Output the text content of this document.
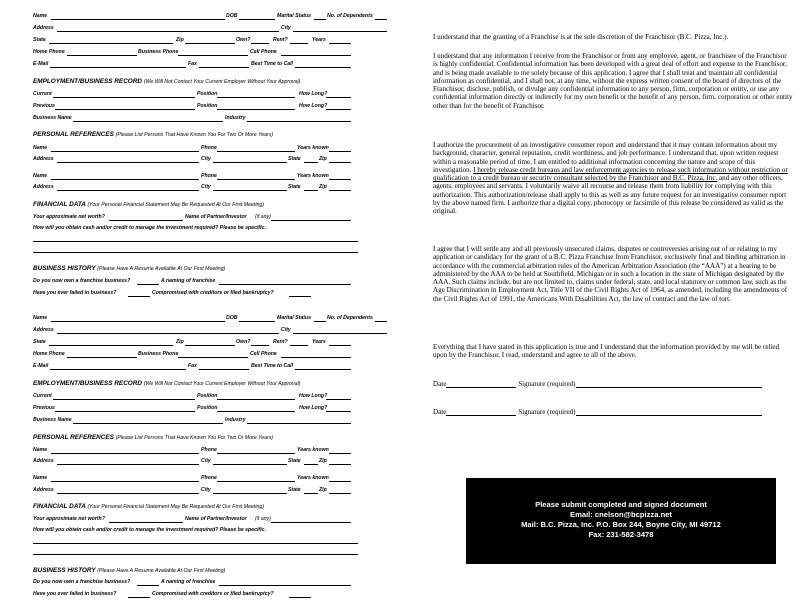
Name	DOB	Marital Status	No. of Dependents
Address	City
State	Zip	Own?	Rent?	Years
Home Phone	Business Phone	Cell Phone
E-Mail	Fax	Best Time to Call
EMPLOYMENT/BUSINESS RECORD (We Will Not Contact Your Current Employer Without Your Approval)
Current	Position	How Long?
Previous	Position	How Long?
Business Name	Industry
PERSONAL REFERENCES (Please List Persons That Have Known You For Two Or More Years)
Name	Phone	Years known
Address	City	State	Zip
Name	Phone	Years known
Address	City	State	Zip
FINANCIAL DATA (Your Personal Financial Statement May Be Requested At Our First Meeting)
Your approximate net worth?	Name of Partner/Investor (if any)
How will you obtain cash and/or credit to manage the investment required? Please be specific.
BUSINESS HISTORY (Please Have A Resume Available At Our First Meeting)
Do you now own a franchise business?	A naming of franchise
Have you ever failed in business?	Compromised with creditors or filed bankruptcy?
Name	DOB	Marital Status	No. of Dependents
Address	City
State	Zip	Own?	Rent?	Years
Home Phone	Business Phone	Cell Phone
E-Mail	Fax	Best Time to Call
EMPLOYMENT/BUSINESS RECORD (We Will Not Contact Your Current Employer Without Your Approval)
Current	Position	How Long?
Previous	Position	How Long?
Business Name	Industry
PERSONAL REFERENCES (Please List Persons That Have Known You For Two Or More Years)
Name	Phone	Years known
Address	City	State	Zip
Name	Phone	Years known
Address	City	State	Zip
FINANCIAL DATA (Your Personal Financial Statement May Be Requested At Our First Meeting)
Your approximate net worth?	Name of Partner/Investor (if any)
How will you obtain cash and/or credit to manage the investment required? Please be specific.
BUSINESS HISTORY (Please Have A Resume Available At Our First Meeting)
Do you now own a franchise business?	A naming of franchise
Have you ever failed in business?	Compromised with creditors or filed bankruptcy?

I understand that the granting of a Franchise is at the sole discretion of the Franchisor (B.C. Pizza, Inc.).

I understand that any information I receive from the Franchisor or from any employee, agent, or franchisee of the Franchisor is highly confidential. Confidential information has been developed with a great deal of effort and expense to the Franchisor, and is being made available to me solely because of this application. I agree that I shall treat and maintain all confidential information as confidential, and I shall not, at any time, without the express written consent of the board of directors of the Franchisor, disclose, publish, or divulge any confidential information to any person, firm, corporation or entity, or use any confidential information directly or indirectly for my own benefit or the benefit of any person, firm, corporation or other entity other than for the benefit of Franchisor.

I authorize the procurement of an investigative consumer report and understand that it may contain information about my background, character, general reputation, credit worthiness, and job performance. I understand that, upon written request within a reasonable period of time, I am entitled to additional information concerning the nature and scope of this investigation. I hereby release credit bureaus and law enforcement agencies to release such information without restriction or qualification to a credit bureau or security consultant selected by the Franchisor and B.C. Pizza, Inc. and any other officers, agents, employees and servants. I voluntarily waive all recourse and release them from liability for complying with this authorization. This authorization/release shall apply to this as well as any future request for an investigative consumer report by the above named firm. I authorize that a digital copy, photocopy or facsimile of this release be considered as valid as the original.

I agree that I will settle any and all previously unsecured claims, disputes or controversies arising out of or relating to my application or candidacy for the grant of a B.C. Pizza Franchise from Franchisor, exclusively final and binding arbitration in accordance with the commercial arbitration rules of the American Arbitration Association (the “AAA”) at a hearing to be administered by the AAA to be held at Southfield, Michigan or in such a location in the state of Michigan designated by the AAA. Such claims include, but are not limited to, claims under federal, state, and local statutory or common law, such as the Age Discrimination in Employment Act, Title VII of the Civil Rights Act of 1964, as amended, including the amendments of the Civil Rights Act of 1991, the Americans With Disabilities Act, the law of contract and the law of tort.

Everything that I have stated in this application is true and I understand that the information provided by me will be relied upon by the Franchisor. I read, understand and agree to all of the above.

Date	Signature (required)
Date	Signature (required)
Please submit completed and signed document
Email: cnelson@bcpizza.net
Mail: B.C. Pizza, Inc. P.O. Box 244, Boyne City, MI 49712
Fax: 231-582-3478
